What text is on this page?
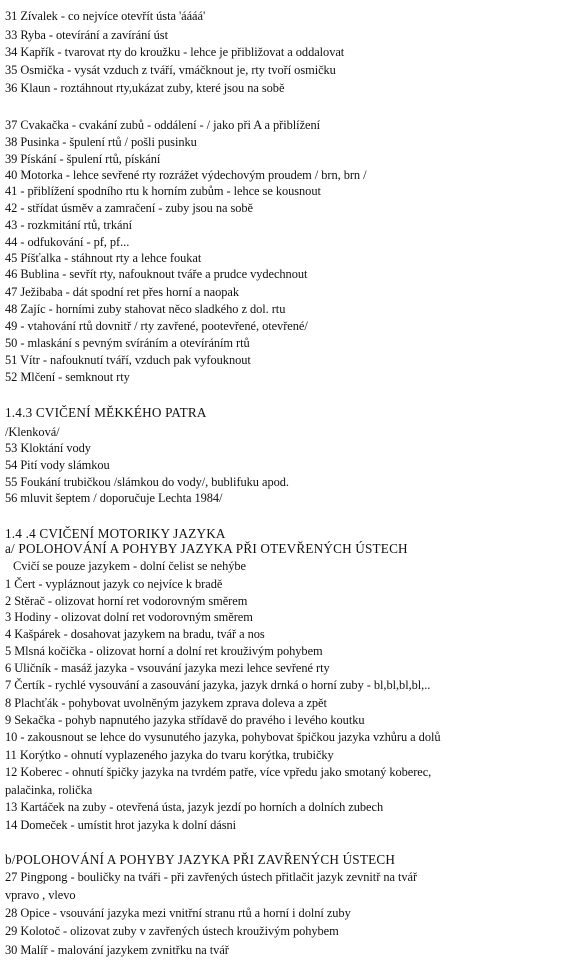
31 Zívalek - co nejvíce otevřít ústa 'áááá'
33 Ryba - otevírání a zavírání úst
34 Kapřík - tvarovat rty do kroužku - lehce je přibližovat a oddalovat
35 Osmička - vysát vzduch z tváří, vmáčknout je, rty tvoří osmičku
36 Klaun - roztáhnout rty,ukázat zuby, které jsou na sobě
37 Cvakačka - cvakání zubů - oddálení - / jako při A a přiblížení
38 Pusinka - špulení rtů / pošli pusinku
39 Pískání - špulení rtů, pískání
40 Motorka - lehce sevřené rty rozrážet výdechovým proudem / brn, brn /
41 - přiblížení spodního rtu k horním zubům - lehce se kousnout
42 - střídat úsměv a zamračení - zuby jsou na sobě
43 - rozkmitání rtů, trkání
44 - odfukování - pf, pf...
45 Píšťalka - stáhnout rty a lehce foukat
46 Bublina - sevřít rty, nafouknout tváře a prudce vydechnout
47 Ježibaba - dát spodní ret přes horní a naopak
48 Zajíc - horními zuby stahovat něco sladkého z dol. rtu
49 - vtahování rtů dovnitř / rty zavřené, pootevřené, otevřené/
50 - mlaskání s pevným svíráním a otevíráním rtů
51 Vítr - nafouknutí tváří, vzduch pak vyfouknout
52 Mlčení - semknout rty
1.4.3 CVIČENÍ MĚKKÉHO PATRA
/Klenková/
53 Kloktání vody
54 Pití vody slámkou
55 Foukání trubičkou /slámkou do vody/, bublifuku apod.
56 mluvit šeptem / doporučuje Lechta 1984/
1.4 .4 CVIČENÍ MOTORIKY JAZYKA
a/ POLOHOVÁNÍ A POHYBY JAZYKA PŘI OTEVŘENÝCH ÚSTECH
Cvičí se pouze jazykem - dolní čelist se nehýbe
1 Čert - vypláznout jazyk co nejvíce k bradě
2 Stěrač - olizovat horní ret vodorovným směrem
3 Hodiny - olizovat dolní ret vodorovným směrem
4 Kašpárek - dosahovat jazykem na bradu, tvář a nos
5 Mlsná kočička - olizovat horní a dolní ret krouživým pohybem
6 Uličník - masáž jazyka - vsouvání jazyka mezi lehce sevřené rty
7 Čertík - rychlé vysouvání a zasouvání jazyka, jazyk drnká o horní zuby - bl,bl,bl,bl,..
8 Plachťák - pohybovat uvolněným jazykem zprava doleva a zpět
9 Sekačka - pohyb napnutého jazyka střídavě do pravého i levého koutku
10 - zakousnout se lehce do vysunutého jazyka, pohybovat špičkou jazyka vzhůru a dolů
11 Korýtko - ohnutí vyplazeného jazyka do tvaru korýtka, trubičky
12 Koberec - ohnutí špičky jazyka na tvrdém patře, více vpředu jako smotaný koberec,
palačinka, rolička
13 Kartáček na zuby - otevřená ústa, jazyk jezdí po horních a dolních zubech
14 Domeček - umístit hrot jazyka k dolní dásni
b/POLOHOVÁNÍ A POHYBY JAZYKA PŘI ZAVŘENÝCH ÚSTECH
27 Pingpong - bouličky na tváři - při zavřených ústech přitlačit jazyk zevnitř na tvář
vpravo , vlevo
28 Opice - vsouvání jazyka mezi vnitřní stranu rtů a horní i dolní zuby
29 Kolotoč - olizovat zuby v zavřených ústech krouživým pohybem
30 Malíř - malování jazykem zvnitřku na tvář
